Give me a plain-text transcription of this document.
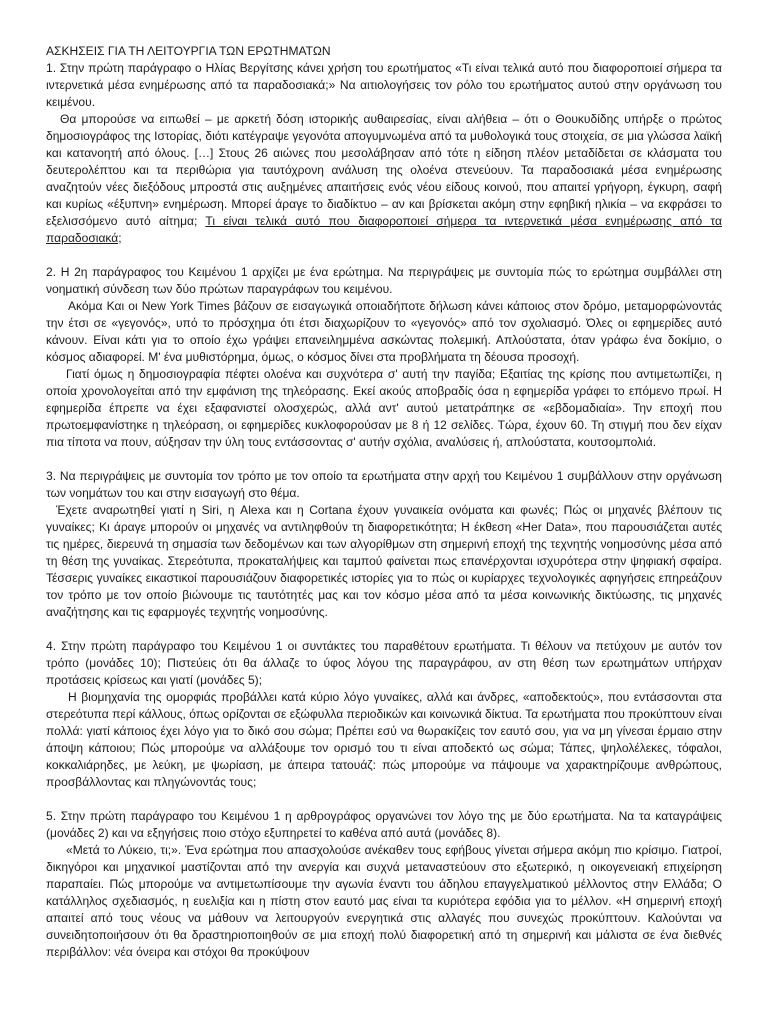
ΑΣΚΗΣΕΙΣ ΓΙΑ ΤΗ ΛΕΙΤΟΥΡΓΙΑ ΤΩΝ ΕΡΩΤΗΜΑΤΩΝ

1. Στην πρώτη παράγραφο ο Ηλίας Βεργίτσης κάνει χρήση του ερωτήματος «Τι είναι τελικά αυτό που διαφοροποιεί σήμερα τα ιντερνετικά μέσα ενημέρωσης από τα παραδοσιακά;» Να αιτιολογήσεις τον ρόλο του ερωτήματος αυτού στην οργάνωση του κειμένου.

Θα μπορούσε να ειπωθεί – με αρκετή δόση ιστορικής αυθαιρεσίας, είναι αλήθεια – ότι ο Θουκυδίδης υπήρξε ο πρώτος δημοσιογράφος της Ιστορίας, διότι κατέγραψε γεγονότα απογυμνωμένα από τα μυθολογικά τους στοιχεία, σε μια γλώσσα λαϊκή και κατανοητή από όλους. […] Στους 26 αιώνες που μεσολάβησαν από τότε η είδηση πλέον μεταδίδεται σε κλάσματα του δευτερολέπτου και τα περιθώρια για ταυτόχρονη ανάλυση της ολοένα στενεύουν. Τα παραδοσιακά μέσα ενημέρωσης αναζητούν νέες διεξόδους μπροστά στις αυξημένες απαιτήσεις ενός νέου είδους κοινού, που απαιτεί γρήγορη, έγκυρη, σαφή και κυρίως «έξυπνη» ενημέρωση. Μπορεί άραγε το διαδίκτυο – αν και βρίσκεται ακόμη στην εφηβική ηλικία – να εκφράσει το εξελισσόμενο αυτό αίτημα; Τι είναι τελικά αυτό που διαφοροποιεί σήμερα τα ιντερνετικά μέσα ενημέρωσης από τα παραδοσιακά;

2. Η 2η παράγραφος του Κειμένου 1 αρχίζει με ένα ερώτημα. Να περιγράψεις με συντομία πώς το ερώτημα συμβάλλει στη νοηματική σύνδεση των δύο πρώτων παραγράφων του κειμένου.

Ακόμα Και οι New York Times βάζουν σε εισαγωγικά οποιαδήποτε δήλωση κάνει κάποιος στον δρόμο, μεταμορφώνοντάς την έτσι σε «γεγονός», υπό το πρόσχημα ότι έτσι διαχωρίζουν το «γεγονός» από τον σχολιασμό. Όλες οι εφημερίδες αυτό κάνουν. Είναι κάτι για το οποίο έχω γράψει επανειλημμένα ασκώντας πολεμική. Απλούστατα, όταν γράφω ένα δοκίμιο, ο κόσμος αδιαφορεί. Μ' ένα μυθιστόρημα, όμως, ο κόσμος δίνει στα προβλήματα τη δέουσα προσοχή.

Γιατί όμως η δημοσιογραφία πέφτει ολοένα και συχνότερα σ' αυτή την παγίδα; Εξαιτίας της κρίσης που αντιμετωπίζει, η οποία χρονολογείται από την εμφάνιση της τηλεόρασης. Εκεί ακούς αποβραδίς όσα η εφημερίδα γράφει το επόμενο πρωί. Η εφημερίδα έπρεπε να έχει εξαφανιστεί ολοσχερώς, αλλά αντ' αυτού μετατράπηκε σε «εβδομαδιαία». Την εποχή που πρωτοεμφανίστηκε η τηλεόραση, οι εφημερίδες κυκλοφορούσαν με 8 ή 12 σελίδες. Τώρα, έχουν 60. Τη στιγμή που δεν είχαν πια τίποτα να πουν, αύξησαν την ύλη τους εντάσσοντας σ' αυτήν σχόλια, αναλύσεις ή, απλούστατα, κουτσομπολιά.

3. Να περιγράψεις με συντομία τον τρόπο με τον οποίο τα ερωτήματα στην αρχή του Κειμένου 1 συμβάλλουν στην οργάνωση των νοημάτων του και στην εισαγωγή στο θέμα.

Έχετε αναρωτηθεί γιατί η Siri, η Alexa και η Cortana έχουν γυναικεία ονόματα και φωνές; Πώς οι μηχανές βλέπουν τις γυναίκες; Κι άραγε μπορούν οι μηχανές να αντιληφθούν τη διαφορετικότητα; Η έκθεση «Her Data», που παρουσιάζεται αυτές τις ημέρες, διερευνά τη σημασία των δεδομένων και των αλγορίθμων στη σημερινή εποχή της τεχνητής νοημοσύνης μέσα από τη θέση της γυναίκας. Στερεότυπα, προκαταλήψεις και ταμπού φαίνεται πως επανέρχονται ισχυρότερα στην ψηφιακή σφαίρα. Τέσσερις γυναίκες εικαστικοί παρουσιάζουν διαφορετικές ιστορίες για το πώς οι κυρίαρχες τεχνολογικές αφηγήσεις επηρεάζουν τον τρόπο με τον οποίο βιώνουμε τις ταυτότητές μας και τον κόσμο μέσα από τα μέσα κοινωνικής δικτύωσης, τις μηχανές αναζήτησης και τις εφαρμογές τεχνητής νοημοσύνης.

4. Στην πρώτη παράγραφο του Κειμένου 1 οι συντάκτες του παραθέτουν ερωτήματα. Τι θέλουν να πετύχουν με αυτόν τον τρόπο (μονάδες 10); Πιστεύεις ότι θα άλλαζε το ύφος λόγου της παραγράφου, αν στη θέση των ερωτημάτων υπήρχαν προτάσεις κρίσεως και γιατί (μονάδες 5);

Η βιομηχανία της ομορφιάς προβάλλει κατά κύριο λόγο γυναίκες, αλλά και άνδρες, «αποδεκτούς», που εντάσσονται στα στερεότυπα περί κάλλους, όπως ορίζονται σε εξώφυλλα περιοδικών και κοινωνικά δίκτυα. Τα ερωτήματα που προκύπτουν είναι πολλά: γιατί κάποιος έχει λόγο για το δικό σου σώμα; Πρέπει εσύ να θωρακίζεις τον εαυτό σου, για να μη γίνεσαι έρμαιο στην άποψη κάποιου; Πώς μπορούμε να αλλάξουμε τον ορισμό του τι είναι αποδεκτό ως σώμα; Τάπες, ψηλολέλεκες, τόφαλοι, κοκκαλιάρηδες, με λεύκη, με ψωρίαση, με άπειρα τατουάζ: πώς μπορούμε να πάψουμε να χαρακτηρίζουμε ανθρώπους, προσβάλλοντας και πληγώνοντάς τους;

5. Στην πρώτη παράγραφο του Κειμένου 1 η αρθρογράφος οργανώνει τον λόγο της με δύο ερωτήματα. Να τα καταγράψεις (μονάδες 2) και να εξηγήσεις ποιο στόχο εξυπηρετεί το καθένα από αυτά (μονάδες 8).

«Μετά το Λύκειο, τι;». Ένα ερώτημα που απασχολούσε ανέκαθεν τους εφήβους γίνεται σήμερα ακόμη πιο κρίσιμο. Γιατροί, δικηγόροι και μηχανικοί μαστίζονται από την ανεργία και συχνά μεταναστεύουν στο εξωτερικό, η οικογενειακή επιχείρηση παραπαίει. Πώς μπορούμε να αντιμετωπίσουμε την αγωνία έναντι του άδηλου επαγγελματικού μέλλοντος στην Ελλάδα; Ο κατάλληλος σχεδιασμός, η ευελιξία και η πίστη στον εαυτό μας είναι τα κυριότερα εφόδια για το μέλλον. «Η σημερινή εποχή απαιτεί από τους νέους να μάθουν να λειτουργούν ενεργητικά στις αλλαγές που συνεχώς προκύπτουν. Καλούνται να συνειδητοποιήσουν ότι θα δραστηριοποιηθούν σε μια εποχή πολύ διαφορετική από τη σημερινή και μάλιστα σε ένα διεθνές περιβάλλον: νέα όνειρα και στόχοι θα προκύψουν
